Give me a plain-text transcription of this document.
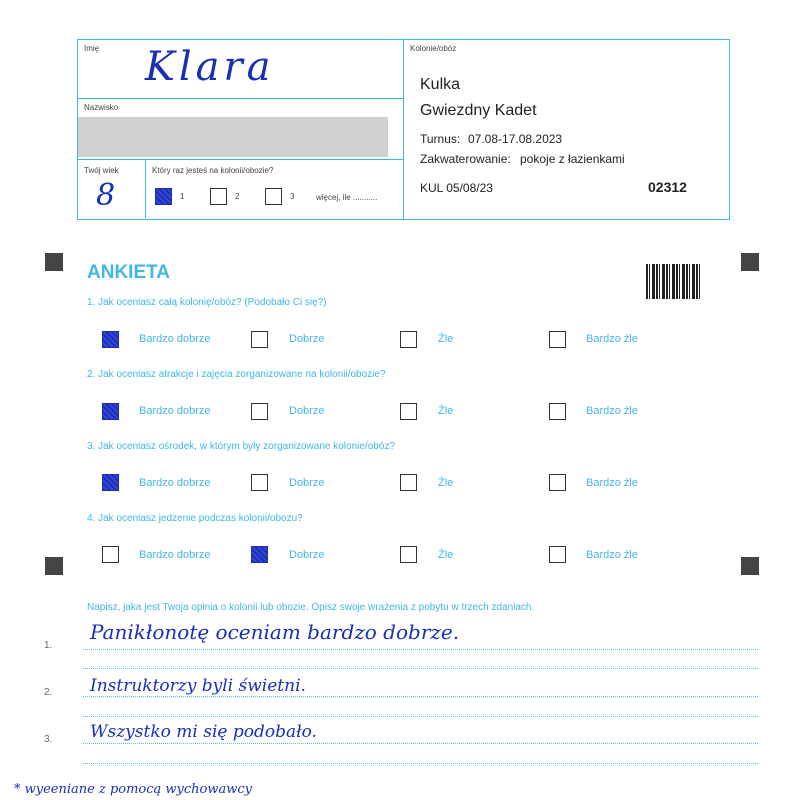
Imię Klara
Nazwisko
Twój wiek
8
Który raz jesteś na kolonii/obozie?
1	2	3	więcej, ile ...........
Kolonie/obóz
Kulka
Gwiezdny Kadet
Turnus: 07.08-17.08.2023
Zakwaterowanie: pokoje z łazienkami
KUL 05/08/23	02312
ANKIETA
1. Jak oceniasz całą kolonię/obóz? (Podobało Ci się?)
Bardzo dobrze	Dobrze	Źle	Bardzo źle
2. Jak oceniasz atrakcje i zajęcia zorganizowane na kolonii/obozie?
Bardzo dobrze	Dobrze	Źle	Bardzo źle
3. Jak oceniasz ośrodek, w którym były zorganizowane kolonie/obóz?
Bardzo dobrze	Dobrze	Źle	Bardzo źle
4. Jak oceniasz jedzenie podczas kolonii/obozu?
Bardzo dobrze	Dobrze	Źle	Bardzo źle
Napisz, jaka jest Twoja opinia o kolonii lub obozie. Opisz swoje wrażenia z pobytu w trzech zdaniach.
1.
Panikłonotę oceniam bardzo dobrze.
2. Instruktorzy byli świetni.
3. Wszystko mi się podobało.
* wyeeniane z pomocą wychowawcy
